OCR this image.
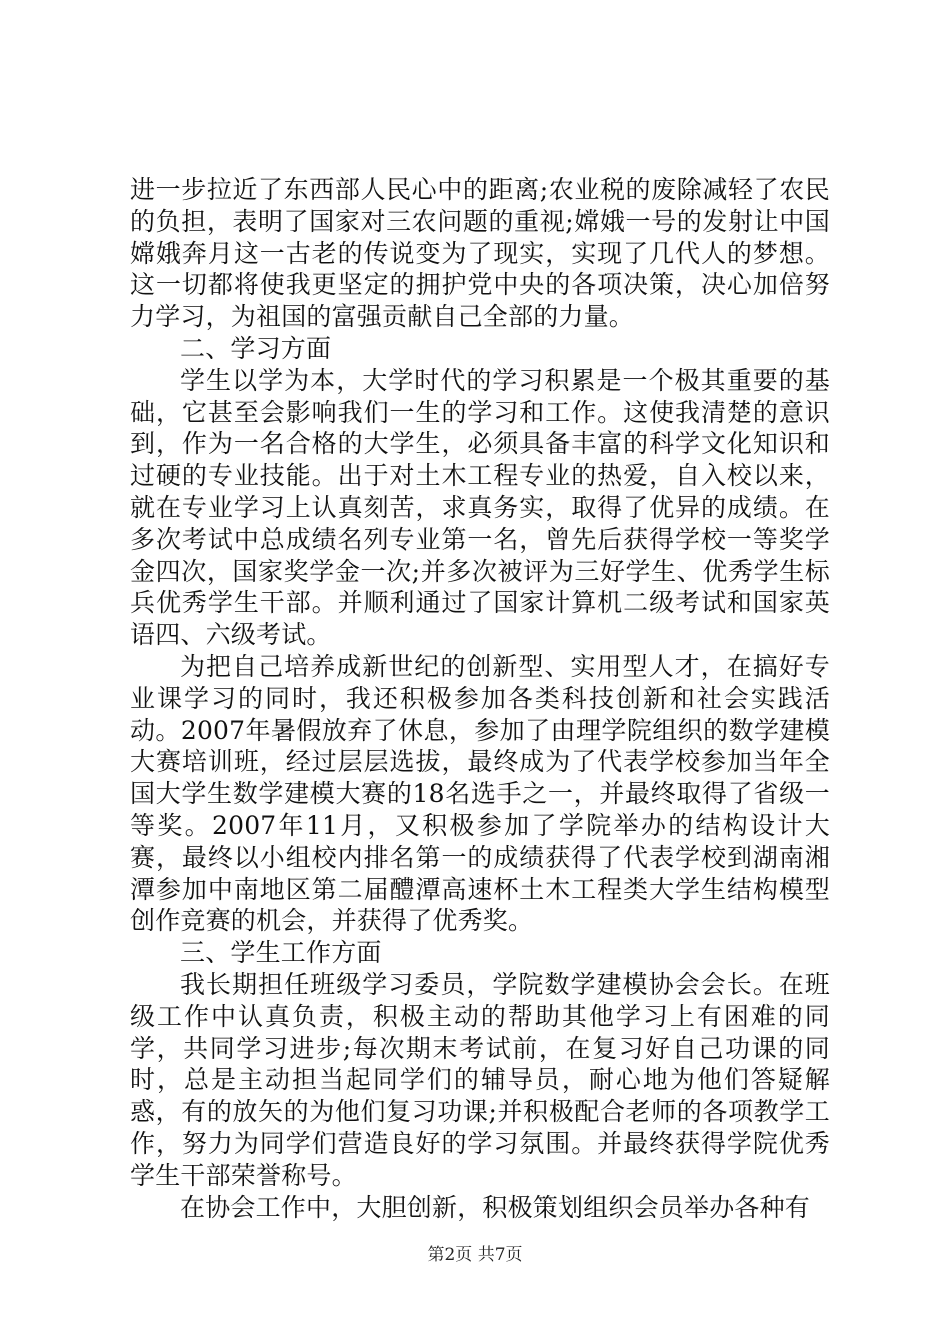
进一步拉近了东西部人民心中的距离;农业税的废除减轻了农民的负担，表明了国家对三农问题的重视;嫦娥一号的发射让中国嫦娥奔月这一古老的传说变为了现实，实现了几代人的梦想。这一切都将使我更坚定的拥护党中央的各项决策，决心加倍努力学习，为祖国的富强贡献自己全部的力量。

二、学习方面

学生以学为本，大学时代的学习积累是一个极其重要的基础，它甚至会影响我们一生的学习和工作。这使我清楚的意识到，作为一名合格的大学生，必须具备丰富的科学文化知识和过硬的专业技能。出于对土木工程专业的热爱，自入校以来，就在专业学习上认真刻苦，求真务实，取得了优异的成绩。在多次考试中总成绩名列专业第一名，曾先后获得学校一等奖学金四次，国家奖学金一次;并多次被评为三好学生、优秀学生标兵优秀学生干部。并顺利通过了国家计算机二级考试和国家英语四、六级考试。

为把自己培养成新世纪的创新型、实用型人才，在搞好专业课学习的同时，我还积极参加各类科技创新和社会实践活动。2007年暑假放弃了休息，参加了由理学院组织的数学建模大赛培训班，经过层层选拔，最终成为了代表学校参加当年全国大学生数学建模大赛的18名选手之一，并最终取得了省级一等奖。2007年11月，又积极参加了学院举办的结构设计大赛，最终以小组校内排名第一的成绩获得了代表学校到湖南湘潭参加中南地区第二届醴潭高速杯土木工程类大学生结构模型创作竞赛的机会，并获得了优秀奖。

三、学生工作方面

我长期担任班级学习委员，学院数学建模协会会长。在班级工作中认真负责，积极主动的帮助其他学习上有困难的同学，共同学习进步;每次期末考试前，在复习好自己功课的同时，总是主动担当起同学们的辅导员，耐心地为他们答疑解惑，有的放矢的为他们复习功课;并积极配合老师的各项教学工作，努力为同学们营造良好的学习氛围。并最终获得学院优秀学生干部荣誉称号。

在协会工作中，大胆创新，积极策划组织会员举办各种有

第2页 共7页
